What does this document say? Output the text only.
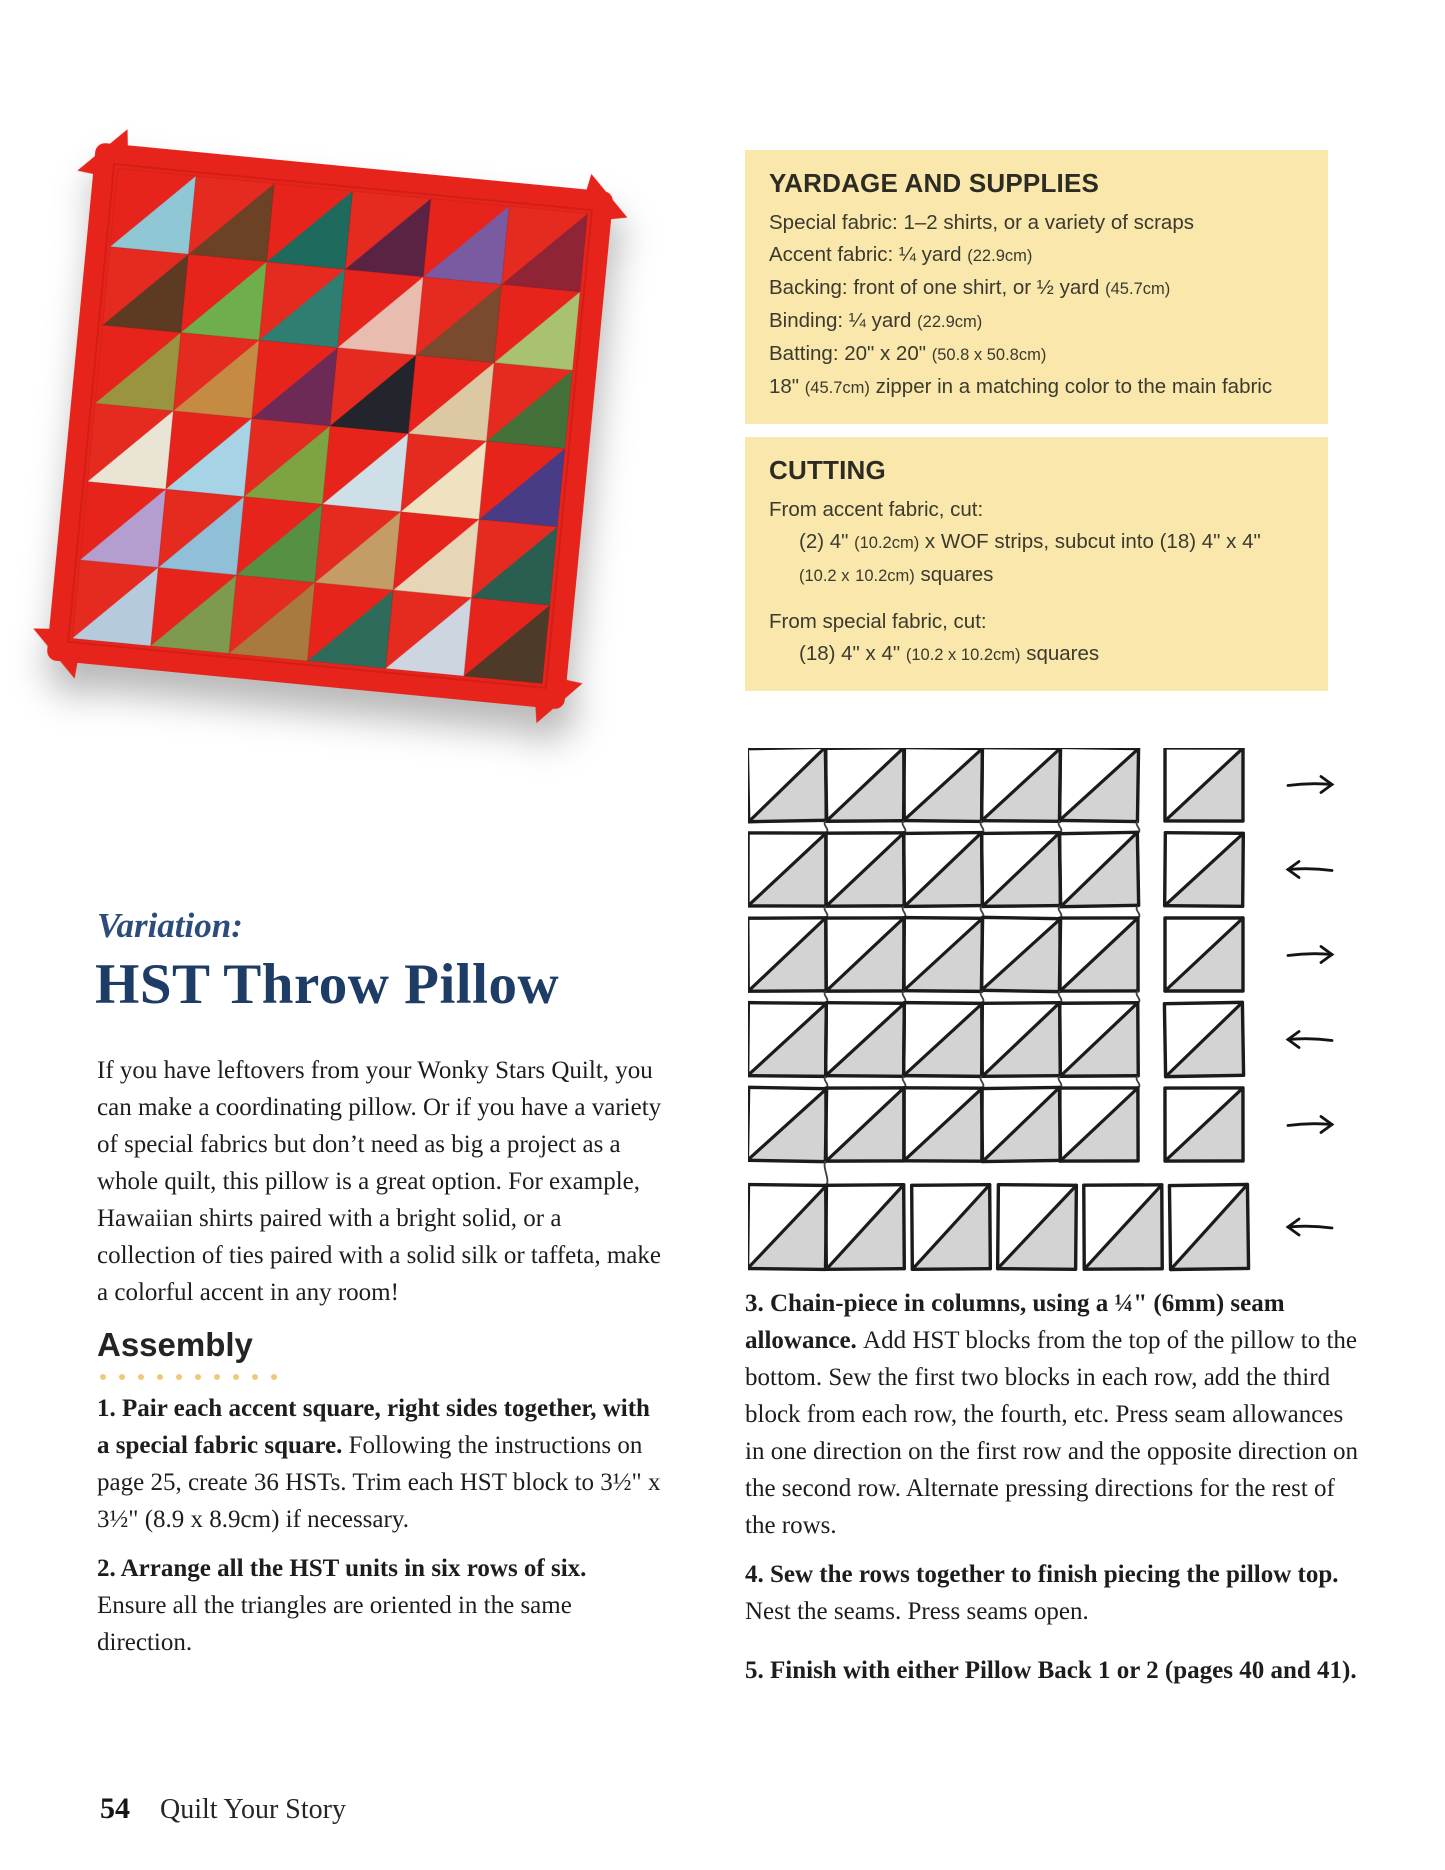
YARDAGE AND SUPPLIES
Special fabric: 1–2 shirts, or a variety of scraps
Accent fabric: ¼ yard (22.9cm)
Backing: front of one shirt, or ½ yard (45.7cm)
Binding: ¼ yard (22.9cm)
Batting: 20" x 20" (50.8 x 50.8cm)
18" (45.7cm) zipper in a matching color to the main fabric
CUTTING
From accent fabric, cut:
(2) 4" (10.2cm) x WOF strips, subcut into (18) 4" x 4" (10.2 x 10.2cm) squares
From special fabric, cut:
(18) 4" x 4" (10.2 x 10.2cm) squares
Variation:
HST Throw Pillow

If you have leftovers from your Wonky Stars Quilt, you can make a coordinating pillow. Or if you have a variety of special fabrics but don’t need as big a project as a whole quilt, this pillow is a great option. For example, Hawaiian shirts paired with a bright solid, or a collection of ties paired with a solid silk or taffeta, make a colorful accent in any room!

Assembly
1. Pair each accent square, right sides together, with a special fabric square. Following the instructions on page 25, create 36 HSTs. Trim each HST block to 3½" x 3½" (8.9 x 8.9cm) if necessary.
2. Arrange all the HST units in six rows of six. Ensure all the triangles are oriented in the same direction.
3. Chain-piece in columns, using a ¼" (6mm) seam allowance. Add HST blocks from the top of the pillow to the bottom. Sew the first two blocks in each row, add the third block from each row, the fourth, etc. Press seam allowances in one direction on the first row and the opposite direction on the second row. Alternate pressing directions for the rest of the rows.
4. Sew the rows together to finish piecing the pillow top. Nest the seams. Press seams open.
5. Finish with either Pillow Back 1 or 2 (pages 40 and 41).
54 Quilt Your Story
